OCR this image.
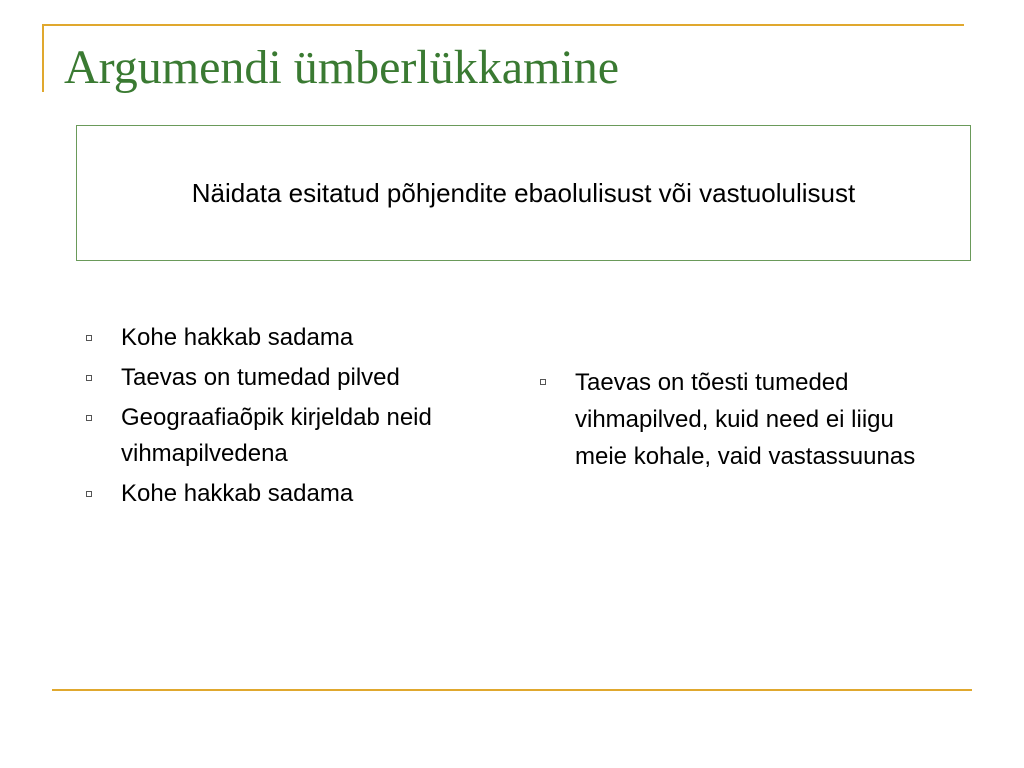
Argumendi ümberlükkamine
Näidata esitatud põhjendite ebaolulisust või vastuolulisust
Kohe hakkab sadama
Taevas on tumedad pilved
Geograafiaõpik kirjeldab neid vihmapilvedena
Kohe hakkab sadama
Taevas on tõesti tumeded vihmapilved, kuid need ei liigu meie kohale, vaid vastassuunas
